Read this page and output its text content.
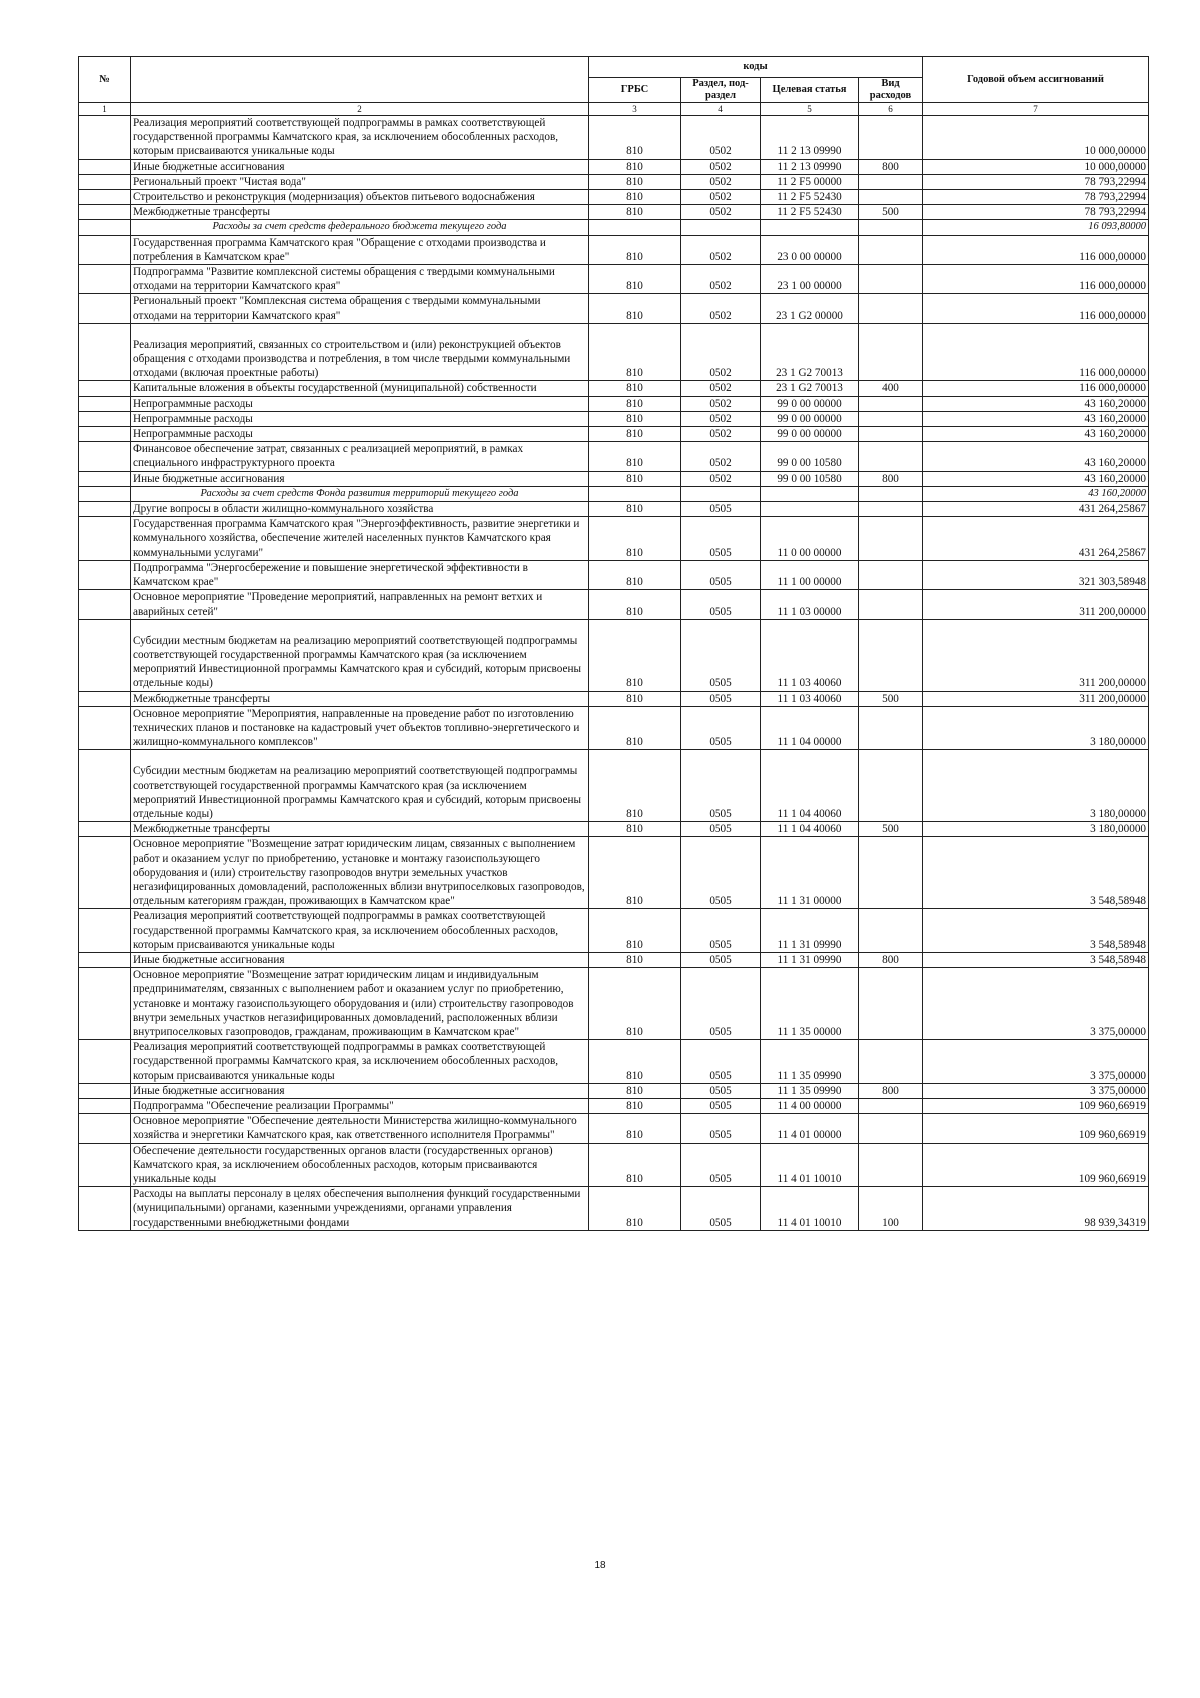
№		коды				Годовой объем ассигнований
		ГРБС	Раздел, под-раздел	Целевая статья	Вид расходов	
1	2	3	4	5	6	7
	Реализация мероприятий соответствующей подпрограммы в рамках соответствующей государственной программы Камчатского края, за исключением обособленных расходов, которым присваиваются уникальные коды	810	0502	11 2 13 09990		10 000,00000
	Иные бюджетные ассигнования	810	0502	11 2 13 09990	800	10 000,00000
	Региональный проект "Чистая вода"	810	0502	11 2 F5 00000		78 793,22994
	Строительство и реконструкция (модернизация) объектов питьевого водоснабжения	810	0502	11 2 F5 52430		78 793,22994
	Межбюджетные трансферты	810	0502	11 2 F5 52430	500	78 793,22994
	Расходы за счет средств федерального бюджета текущего года					16 093,80000
	Государственная программа Камчатского края "Обращение с отходами производства и потребления в Камчатском крае"	810	0502	23 0 00 00000		116 000,00000
	Подпрограмма "Развитие комплексной системы обращения с твердыми коммунальными отходами на территории Камчатского края"	810	0502	23 1 00 00000		116 000,00000
	Региональный проект "Комплексная система обращения с твердыми коммунальными отходами на территории Камчатского края"	810	0502	23 1 G2 00000		116 000,00000
	Реализация мероприятий, связанных со строительством и (или) реконструкцией объектов обращения с отходами производства и потребления, в том числе твердыми коммунальными отходами (включая проектные работы)	810	0502	23 1 G2 70013		116 000,00000
	Капитальные вложения в объекты государственной (муниципальной) собственности	810	0502	23 1 G2 70013	400	116 000,00000
	Непрограммные расходы	810	0502	99 0 00 00000		43 160,20000
	Непрограммные расходы	810	0502	99 0 00 00000		43 160,20000
	Непрограммные расходы	810	0502	99 0 00 00000		43 160,20000
	Финансовое обеспечение затрат, связанных с реализацией мероприятий, в рамках специального инфраструктурного проекта	810	0502	99 0 00 10580		43 160,20000
	Иные бюджетные ассигнования	810	0502	99 0 00 10580	800	43 160,20000
	Расходы за счет средств Фонда развития территорий текущего года					43 160,20000
	Другие вопросы в области жилищно-коммунального хозяйства	810	0505			431 264,25867
	Государственная программа Камчатского края "Энергоэффективность, развитие энергетики и коммунального хозяйства, обеспечение жителей населенных пунктов Камчатского края коммунальными услугами"	810	0505	11 0 00 00000		431 264,25867
	Подпрограмма "Энергосбережение и повышение энергетической эффективности в Камчатском крае"	810	0505	11 1 00 00000		321 303,58948
	Основное мероприятие "Проведение мероприятий, направленных на ремонт ветхих и аварийных сетей"	810	0505	11 1 03 00000		311 200,00000
	Субсидии местным бюджетам на реализацию мероприятий соответствующей подпрограммы соответствующей государственной программы Камчатского края (за исключением мероприятий Инвестиционной программы Камчатского края и субсидий, которым присвоены отдельные коды)	810	0505	11 1 03 40060		311 200,00000
	Межбюджетные трансферты	810	0505	11 1 03 40060	500	311 200,00000
	Основное мероприятие "Мероприятия, направленные на проведение работ по изготовлению технических планов и постановке на кадастровый учет объектов топливно-энергетического и жилищно-коммунального комплексов"	810	0505	11 1 04 00000		3 180,00000
	Субсидии местным бюджетам на реализацию мероприятий соответствующей подпрограммы соответствующей государственной программы Камчатского края (за исключением мероприятий Инвестиционной программы Камчатского края и субсидий, которым присвоены отдельные коды)	810	0505	11 1 04 40060		3 180,00000
	Межбюджетные трансферты	810	0505	11 1 04 40060	500	3 180,00000
	Основное мероприятие "Возмещение затрат юридическим лицам, связанных с выполнением работ и оказанием услуг по приобретению, установке и монтажу газоиспользующего оборудования и (или) строительству газопроводов внутри земельных участков негазифицированных домовладений, расположенных вблизи внутрипоселковых газопроводов, отдельным категориям граждан, проживающих в Камчатском крае"	810	0505	11 1 31 00000		3 548,58948
	Реализация мероприятий соответствующей подпрограммы в рамках соответствующей государственной программы Камчатского края, за исключением обособленных расходов, которым присваиваются уникальные коды	810	0505	11 1 31 09990		3 548,58948
	Иные бюджетные ассигнования	810	0505	11 1 31 09990	800	3 548,58948
	Основное мероприятие "Возмещение затрат юридическим лицам и индивидуальным предпринимателям, связанных с выполнением работ и оказанием услуг по приобретению, установке и монтажу газоиспользующего оборудования и (или) строительству газопроводов внутри земельных участков негазифицированных домовладений, расположенных вблизи внутрипоселковых газопроводов, гражданам, проживающим в Камчатском крае"	810	0505	11 1 35 00000		3 375,00000
	Реализация мероприятий соответствующей подпрограммы в рамках соответствующей государственной программы Камчатского края, за исключением обособленных расходов, которым присваиваются уникальные коды	810	0505	11 1 35 09990		3 375,00000
	Иные бюджетные ассигнования	810	0505	11 1 35 09990	800	3 375,00000
	Подпрограмма "Обеспечение реализации Программы"	810	0505	11 4 00 00000		109 960,66919
	Основное мероприятие "Обеспечение деятельности Министерства жилищно-коммунального хозяйства и энергетики Камчатского края, как ответственного исполнителя Программы"	810	0505	11 4 01 00000		109 960,66919
	Обеспечение деятельности государственных органов власти (государственных органов) Камчатского края, за исключением обособленных расходов, которым присваиваются уникальные коды	810	0505	11 4 01 10010		109 960,66919
	Расходы на выплаты персоналу в целях обеспечения выполнения функций государственными (муниципальными) органами, казенными учреждениями, органами управления государственными внебюджетными фондами	810	0505	11 4 01 10010	100	98 939,34319
18
